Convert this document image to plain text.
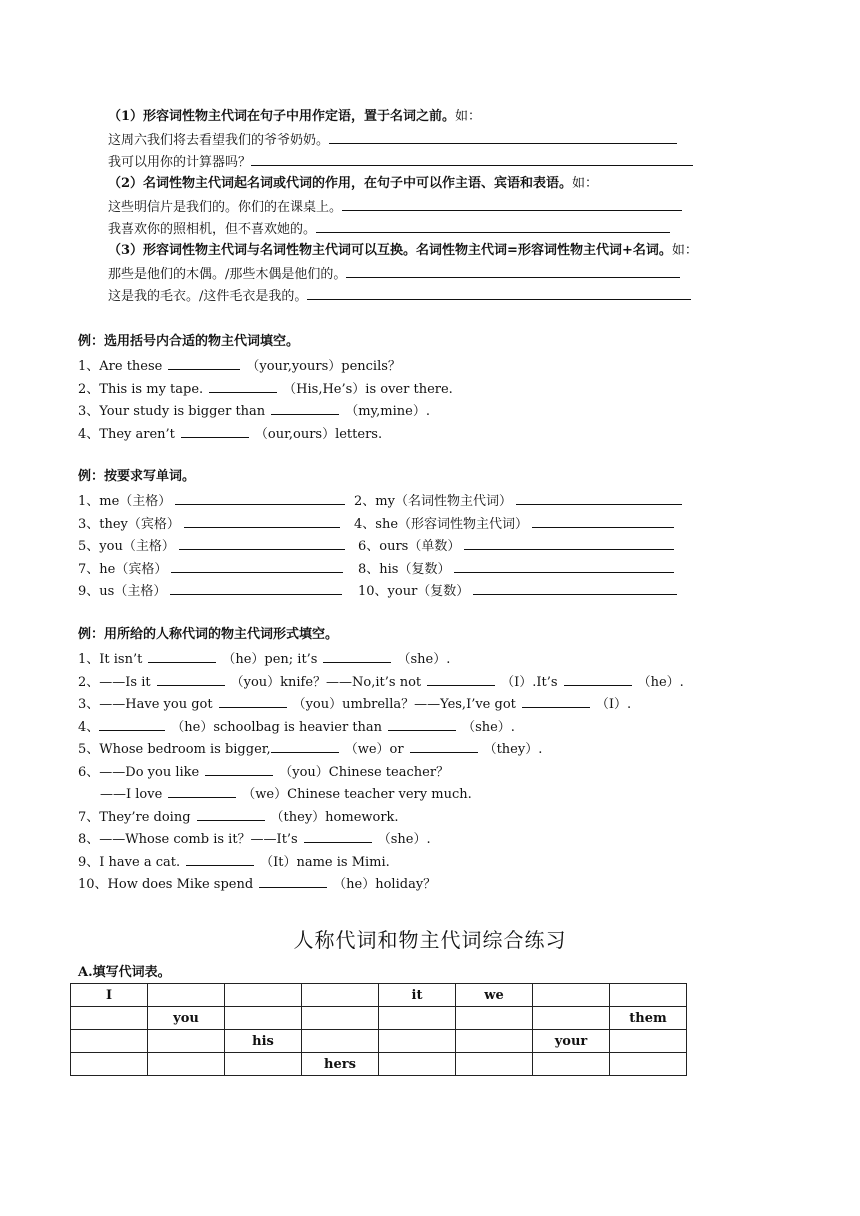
（1）形容词性物主代词在句子中用作定语，置于名词之前。如：
这周六我们将去看望我们的爷爷奶奶。
我可以用你的计算器吗？
（2）名词性物主代词起名词或代词的作用，在句子中可以作主语、宾语和表语。如：
这些明信片是我们的。你们的在课桌上。
我喜欢你的照相机，但不喜欢她的。
（3）形容词性物主代词与名词性物主代词可以互换。名词性物主代词=形容词性物主代词+名词。如：
那些是他们的木偶。/那些木偶是他们的。
这是我的毛衣。/这件毛衣是我的。
例：选用括号内合适的物主代词填空。
1、Are these	（your,yours）pencils？
2、This is my tape.	（His,He’s）is over there.
3、Your study is bigger than	（my,mine）.
4、They aren’t	（our,ours）letters.
例：按要求写单词。
1、me（主格）	2、my（名词性物主代词）
3、they（宾格）	4、she（形容词性物主代词）
5、you（主格）	6、ours（单数）
7、he（宾格）	8、his（复数）
9、us（主格）	10、your（复数）
例：用所给的人称代词的物主代词形式填空。
1、It isn’t	（he）pen; it’s	（she）.
2、——Is it	（you）knife？——No,it’s not	（I）.It’s	（he）.
3、——Have you got	（you）umbrella？——Yes,I’ve got	（I）.
4、	（he）schoolbag is heavier than	（she）.
5、Whose bedroom is bigger,	（we）or	（they）.
6、——Do you like	（you）Chinese teacher？
——I love	（we）Chinese teacher very much.
7、They’re doing	（they）homework.
8、——Whose comb is it？——It’s	（she）.
9、I have a cat.	（It）name is Mimi.
10、How does Mike spend	（he）holiday？
人称代词和物主代词综合练习
A.填写代词表。
I				it	we		
	you						them
		his				your	
			hers				
